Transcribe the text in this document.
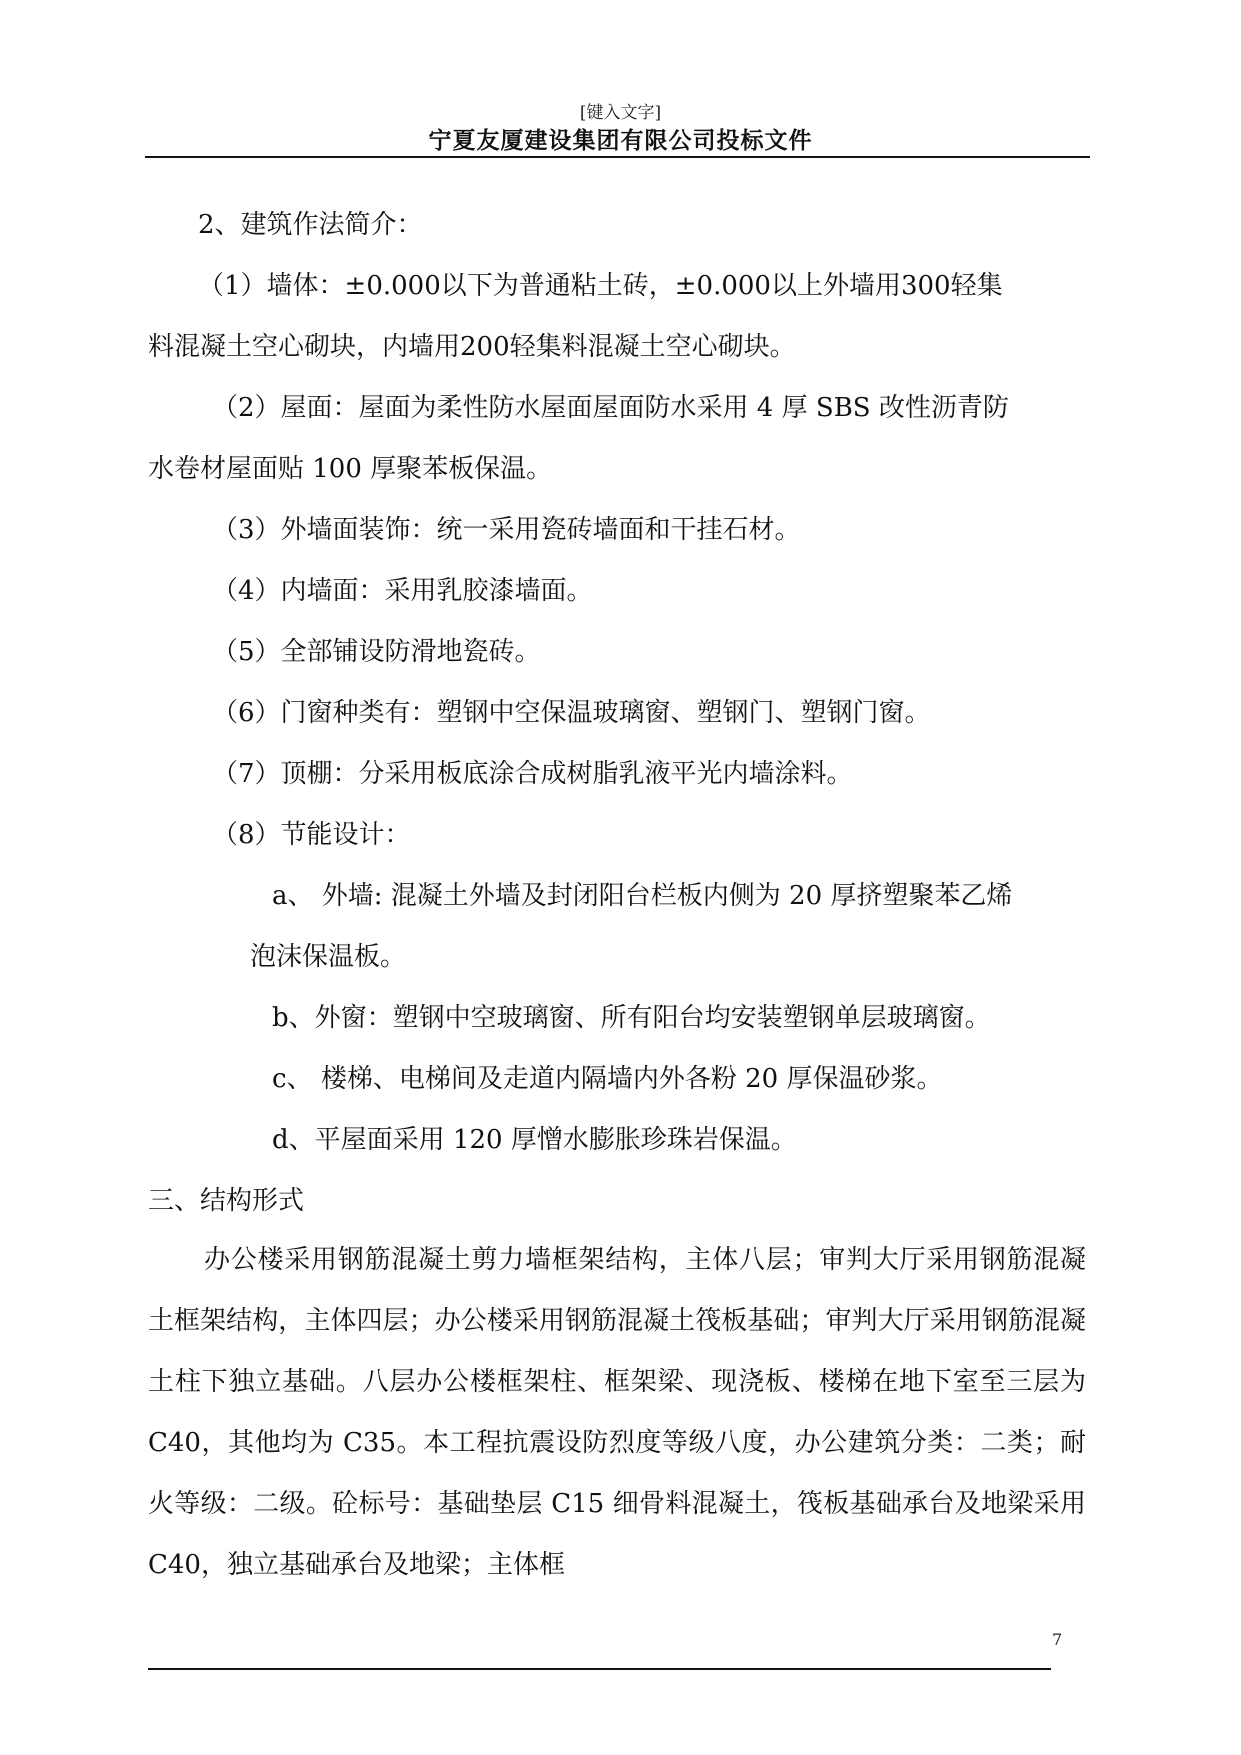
[键入文字]
宁夏友厦建设集团有限公司投标文件

2、建筑作法简介：

（1）墙体：±0.000以下为普通粘土砖，±0.000以上外墙用300轻集

料混凝土空心砌块，内墙用200轻集料混凝土空心砌块。

（2）屋面：屋面为柔性防水屋面屋面防水采用 4 厚 SBS 改性沥青防

水卷材屋面贴 100 厚聚苯板保温。

（3）外墙面装饰：统一采用瓷砖墙面和干挂石材。

（4）内墙面：采用乳胶漆墙面。

（5）全部铺设防滑地瓷砖。

（6）门窗种类有：塑钢中空保温玻璃窗、塑钢门、塑钢门窗。

（7）顶棚：分采用板底涂合成树脂乳液平光内墙涂料。

（8）节能设计：

a、 外墙: 混凝土外墙及封闭阳台栏板内侧为 20 厚挤塑聚苯乙烯

泡沫保温板。

b、外窗：塑钢中空玻璃窗、所有阳台均安装塑钢单层玻璃窗。

c、 楼梯、电梯间及走道内隔墙内外各粉 20 厚保温砂浆。

d、平屋面采用 120 厚憎水膨胀珍珠岩保温。

三、结构形式

办公楼采用钢筋混凝土剪力墙框架结构，主体八层；审判大厅采用钢筋混凝土框架结构，主体四层；办公楼采用钢筋混凝土筏板基础；审判大厅采用钢筋混凝土柱下独立基础。八层办公楼框架柱、框架梁、现浇板、楼梯在地下室至三层为 C40，其他均为 C35。本工程抗震设防烈度等级八度，办公建筑分类：二类；耐火等级：二级。砼标号：基础垫层 C15 细骨料混凝土，筏板基础承台及地梁采用 C40，独立基础承台及地梁；主体框

7
